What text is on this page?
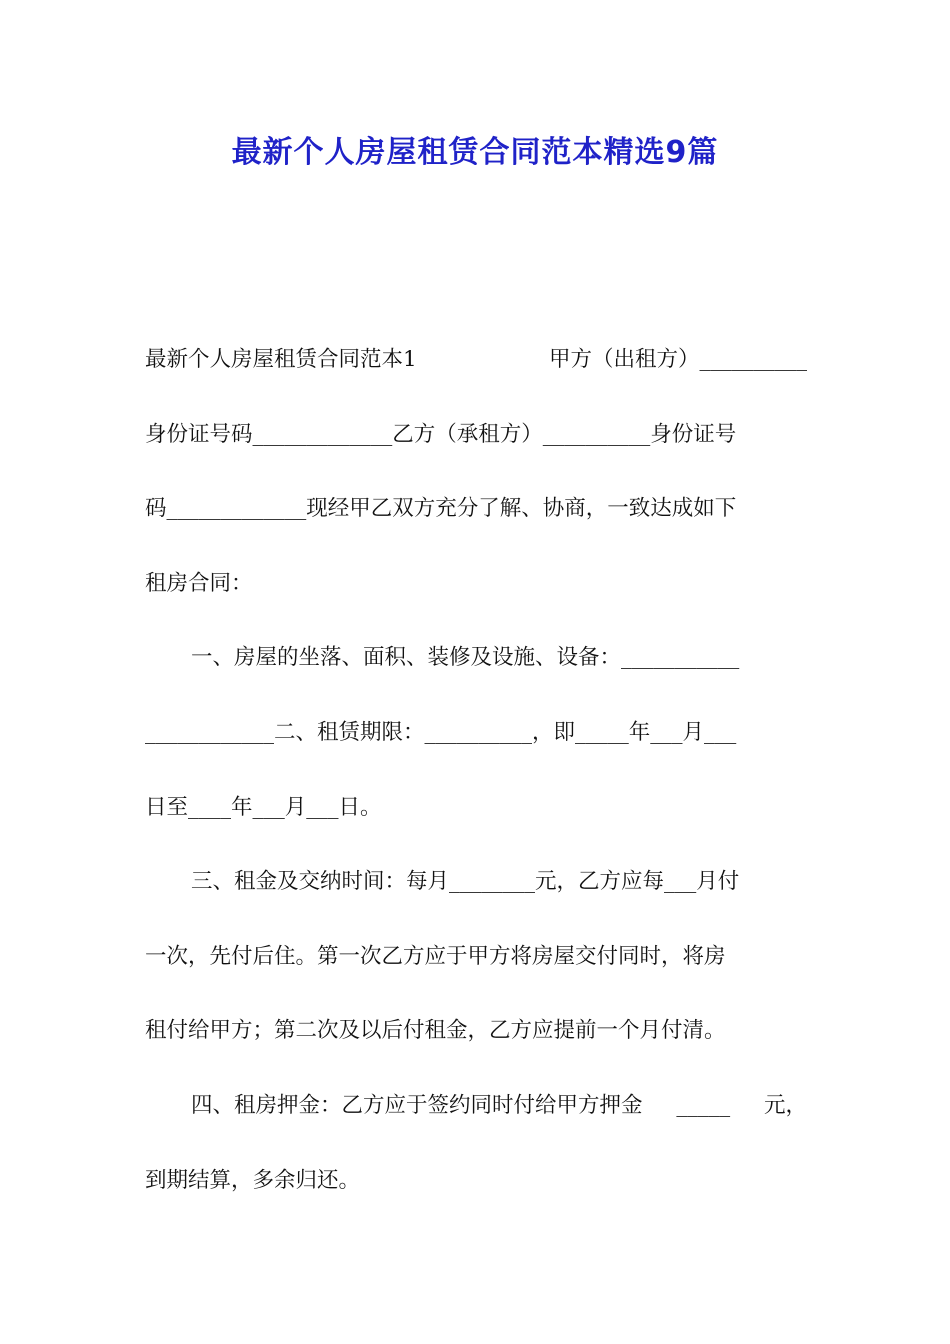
最新个人房屋租赁合同范本精选9篇
最新个人房屋租赁合同范本1	甲方（出租方）__________
身份证号码_____________乙方（承租方）__________身份证号
码_____________现经甲乙双方充分了解、协商，一致达成如下
租房合同：
一、房屋的坐落、面积、装修及设施、设备：___________
____________二、租赁期限：__________，即_____年___月___
日至____年___月___日。
三、租金及交纳时间：每月________元，乙方应每___月付
一次，先付后住。第一次乙方应于甲方将房屋交付同时，将房
租付给甲方；第二次及以后付租金，乙方应提前一个月付清。
四、租房押金：乙方应于签约同时付给甲方押金 _____ 元，
到期结算，多余归还。
